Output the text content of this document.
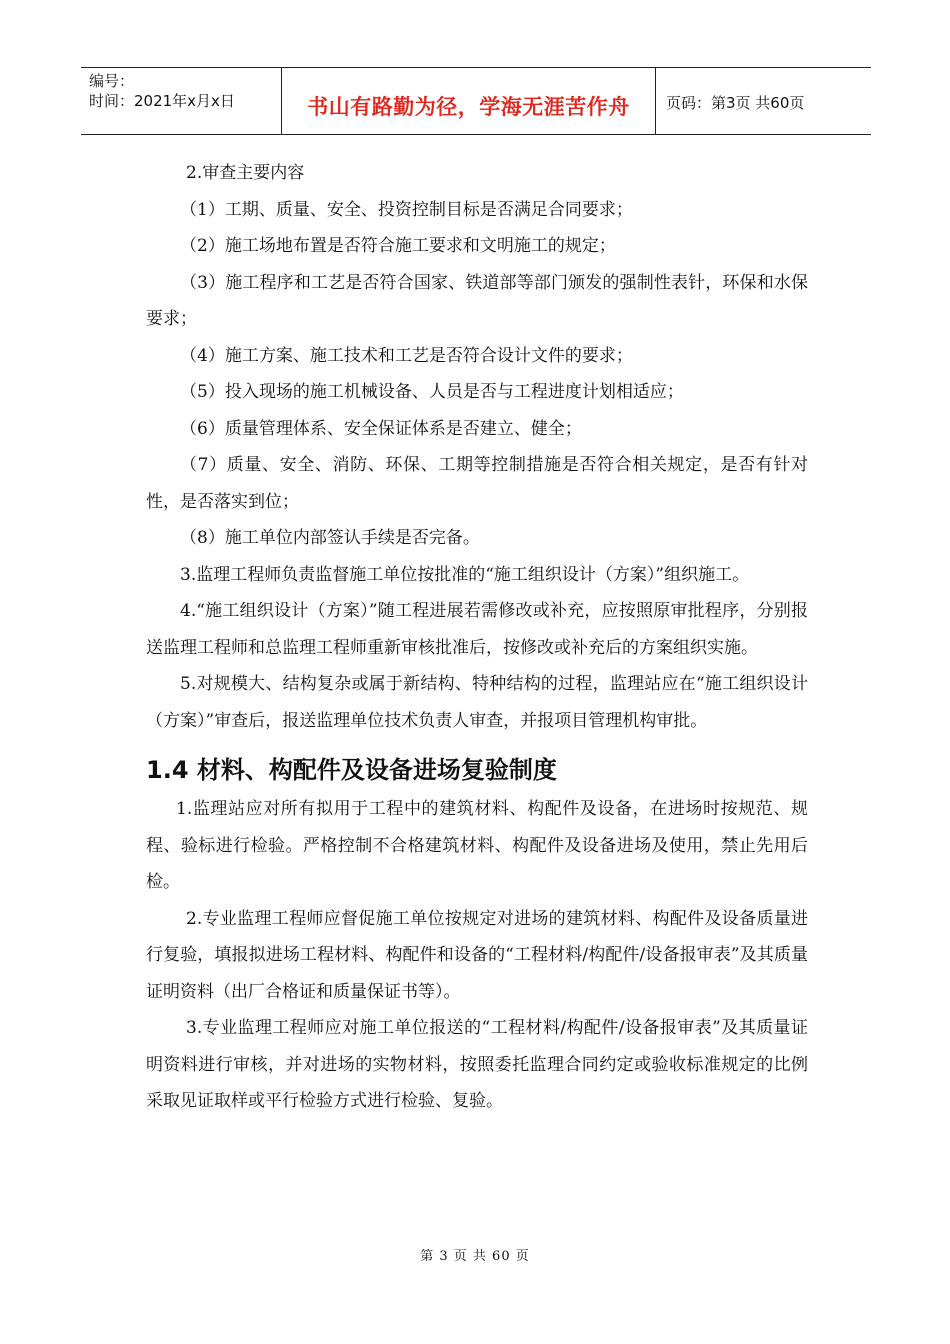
编号：
时间：2021年x月x日	书山有路勤为径，学海无涯苦作舟	页码：第3页 共60页

2.审查主要内容

（1）工期、质量、安全、投资控制目标是否满足合同要求；

（2）施工场地布置是否符合施工要求和文明施工的规定；

（3）施工程序和工艺是否符合国家、铁道部等部门颁发的强制性表针，环保和水保要求；

（4）施工方案、施工技术和工艺是否符合设计文件的要求；

（5）投入现场的施工机械设备、人员是否与工程进度计划相适应；

（6）质量管理体系、安全保证体系是否建立、健全；

（7）质量、安全、消防、环保、工期等控制措施是否符合相关规定，是否有针对性，是否落实到位；

（8）施工单位内部签认手续是否完备。

3.监理工程师负责监督施工单位按批准的“施工组织设计（方案）”组织施工。

4.“施工组织设计（方案）”随工程进展若需修改或补充，应按照原审批程序，分别报送监理工程师和总监理工程师重新审核批准后，按修改或补充后的方案组织实施。

5.对规模大、结构复杂或属于新结构、特种结构的过程，监理站应在“施工组织设计（方案）”审查后，报送监理单位技术负责人审查，并报项目管理机构审批。

1.4 材料、构配件及设备进场复验制度

1.监理站应对所有拟用于工程中的建筑材料、构配件及设备，在进场时按规范、规程、验标进行检验。严格控制不合格建筑材料、构配件及设备进场及使用，禁止先用后检。

2.专业监理工程师应督促施工单位按规定对进场的建筑材料、构配件及设备质量进行复验，填报拟进场工程材料、构配件和设备的“工程材料/构配件/设备报审表”及其质量证明资料（出厂合格证和质量保证书等）。

3.专业监理工程师应对施工单位报送的“工程材料/构配件/设备报审表”及其质量证明资料进行审核，并对进场的实物材料，按照委托监理合同约定或验收标准规定的比例采取见证取样或平行检验方式进行检验、复验。

第 3 页 共 60 页
